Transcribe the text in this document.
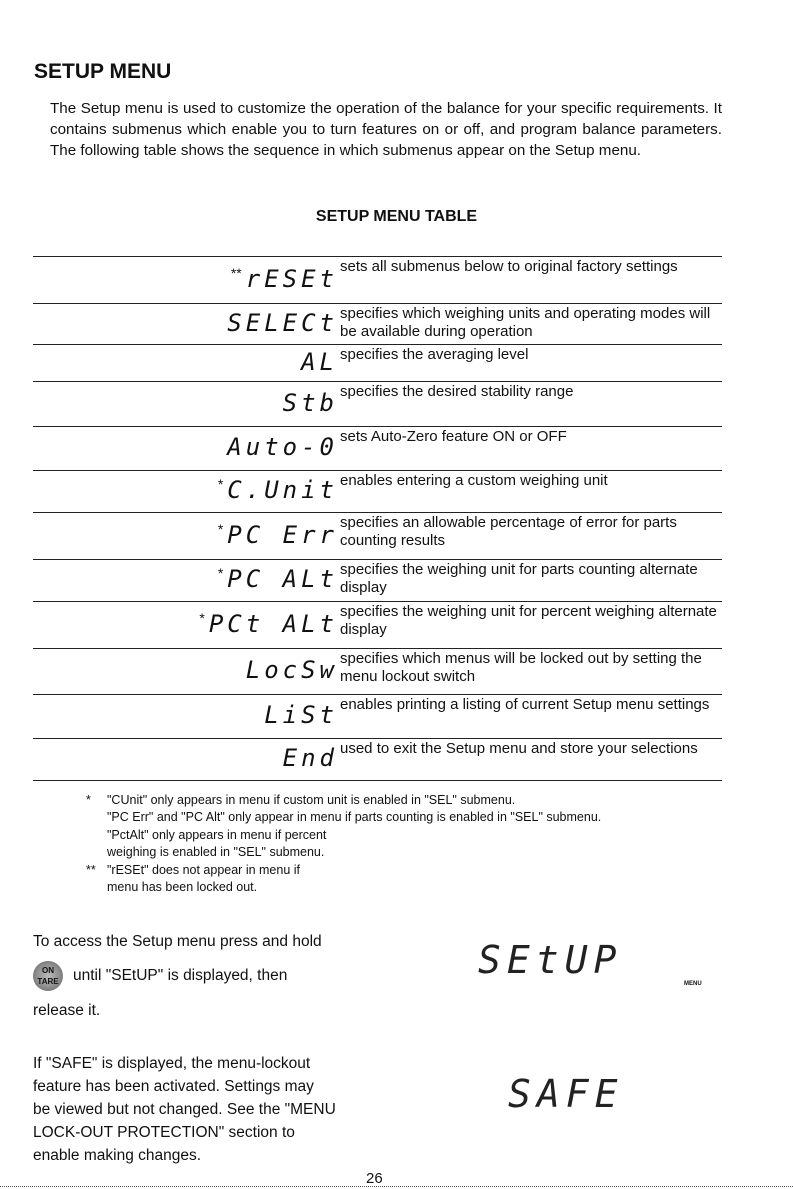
SETUP MENU

The Setup menu is used to customize the operation of the balance for your specific requirements. It contains submenus which enable you to turn features on or off, and program balance parameters. The following table shows the sequence in which submenus appear on the Setup menu.

SETUP MENU TABLE
** rESEt sets all submenus below to original factory settings
SELECt specifies which weighing units and operating modes will be available during operation
AL specifies the averaging level
Stb specifies the desired stability range
Auto-0 sets Auto-Zero feature ON or OFF
* C.Unit enables entering a custom weighing unit
* PC Err specifies an allowable percentage of error for parts counting results
* PC ALt specifies the weighing unit for parts counting alternate display
* PCt ALt specifies the weighing unit for percent weighing alternate display
LocSw specifies which menus will be locked out by setting the menu lockout switch
LiSt enables printing a listing of current Setup menu settings
End used to exit the Setup menu and store your selections
* "CUnit" only appears in menu if custom unit is enabled in "SEL" submenu.
"PC Err" and "PC Alt" only appear in menu if parts counting is enabled in "SEL" submenu.
"PctAlt" only appears in menu if percent
weighing is enabled in "SEL" submenu.
** "rESEt" does not appear in menu if
menu has been locked out.
To access the Setup menu press and hold
ON
TARE until "SEtUP" is displayed, then
release it.
If "SAFE" is displayed, the menu-lockout
feature has been activated. Settings may
be viewed but not changed. See the "MENU
LOCK-OUT PROTECTION" section to
enable making changes.
SEtUP
MENU
SAFE

26
